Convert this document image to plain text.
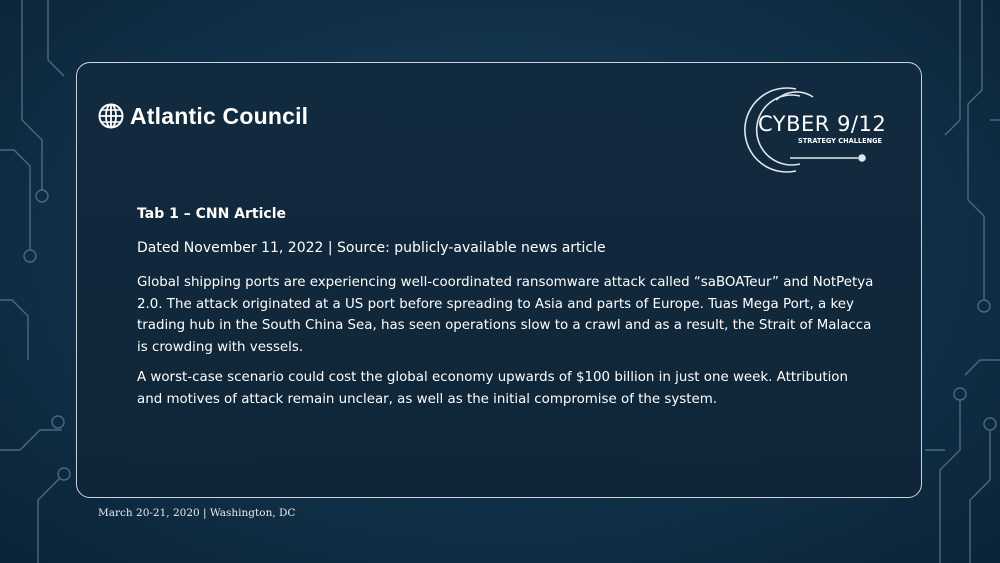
Atlantic Council	CYBER 9/12
STRATEGY CHALLENGE
Tab 1 – CNN Article
Dated November 11, 2022 | Source: publicly-available news article

Global shipping ports are experiencing well-coordinated ransomware attack called “saBOATeur” and NotPetya 2.0. The attack originated at a US port before spreading to Asia and parts of Europe. Tuas Mega Port, a key trading hub in the South China Sea, has seen operations slow to a crawl and as a result, the Strait of Malacca is crowding with vessels.

A worst-case scenario could cost the global economy upwards of $100 billion in just one week. Attribution and motives of attack remain unclear, as well as the initial compromise of the system.

March 20-21, 2020 | Washington, DC
